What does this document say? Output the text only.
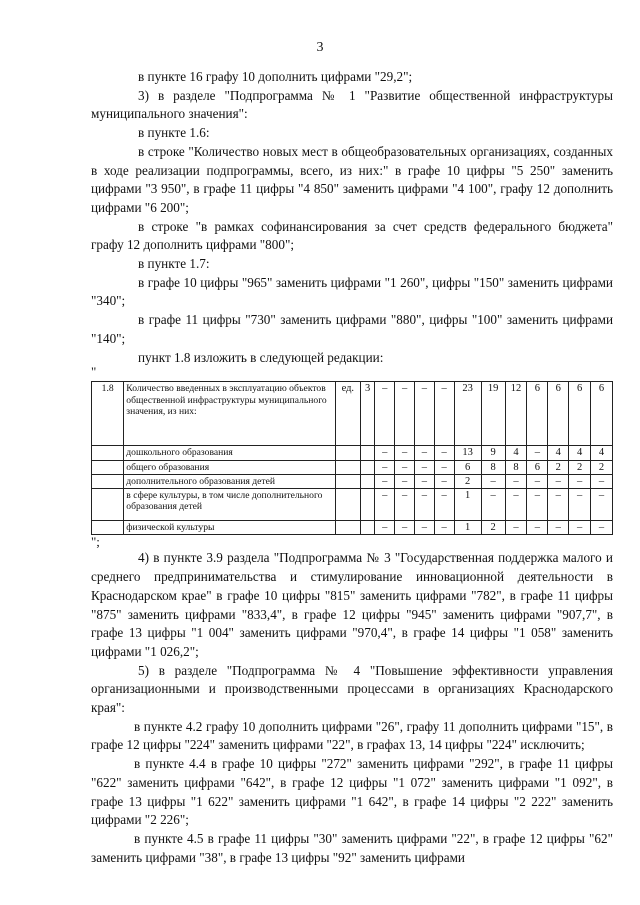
3

в пункте 16 графу 10 дополнить цифрами "29,2";

3) в разделе "Подпрограмма № 1 "Развитие общественной инфраструктуры муниципального значения":

в пункте 1.6:

в строке "Количество новых мест в общеобразовательных организациях, созданных в ходе реализации подпрограммы, всего, из них:" в графе 10 цифры "5 250" заменить цифрами "3 950", в графе 11 цифры "4 850" заменить цифрами "4 100", графу 12 дополнить цифрами "6 200";

в строке "в рамках софинансирования за счет средств федерального бюджета" графу 12 дополнить цифрами "800";

в пункте 1.7:

в графе 10 цифры "965" заменить цифрами "1 260", цифры "150" заменить цифрами "340";

в графе 11 цифры "730" заменить цифрами "880", цифры "100" заменить цифрами "140";

пункт 1.8 изложить в следующей редакции:

"

1.8	Количество введенных в эксплуатацию объектов общественной инфраструктуры муниципального значения, из них:	ед.	3	–	–	–	–	23	19	12	6	6	6	6
	дошкольного образования			–	–	–	–	13	9	4	–	4	4	4
	общего образования			–	–	–	–	6	8	8	6	2	2	2
	дополнительного образования детей			–	–	–	–	2	–	–	–	–	–	–
	в сфере культуры, в том числе дополнительного образования детей			–	–	–	–	1	–	–	–	–	–	–
	физической культуры			–	–	–	–	1	2	–	–	–	–	–

";

4) в пункте 3.9 раздела "Подпрограмма № 3 "Государственная поддержка малого и среднего предпринимательства и стимулирование инновационной деятельности в Краснодарском крае" в графе 10 цифры "815" заменить цифрами "782", в графе 11 цифры "875" заменить цифрами "833,4", в графе 12 цифры "945" заменить цифрами "907,7", в графе 13 цифры "1 004" заменить цифрами "970,4", в графе 14 цифры "1 058" заменить цифрами "1 026,2";

5) в разделе "Подпрограмма № 4 "Повышение эффективности управления организационными и производственными процессами в организациях Краснодарского края":

в пункте 4.2 графу 10 дополнить цифрами "26", графу 11 дополнить цифрами "15", в графе 12 цифры "224" заменить цифрами "22", в графах 13, 14 цифры "224" исключить;

в пункте 4.4 в графе 10 цифры "272" заменить цифрами "292", в графе 11 цифры "622" заменить цифрами "642", в графе 12 цифры "1 072" заменить цифрами "1 092", в графе 13 цифры "1 622" заменить цифрами "1 642", в графе 14 цифры "2 222" заменить цифрами "2 226";

в пункте 4.5 в графе 11 цифры "30" заменить цифрами "22", в графе 12 цифры "62" заменить цифрами "38", в графе 13 цифры "92" заменить цифрами
